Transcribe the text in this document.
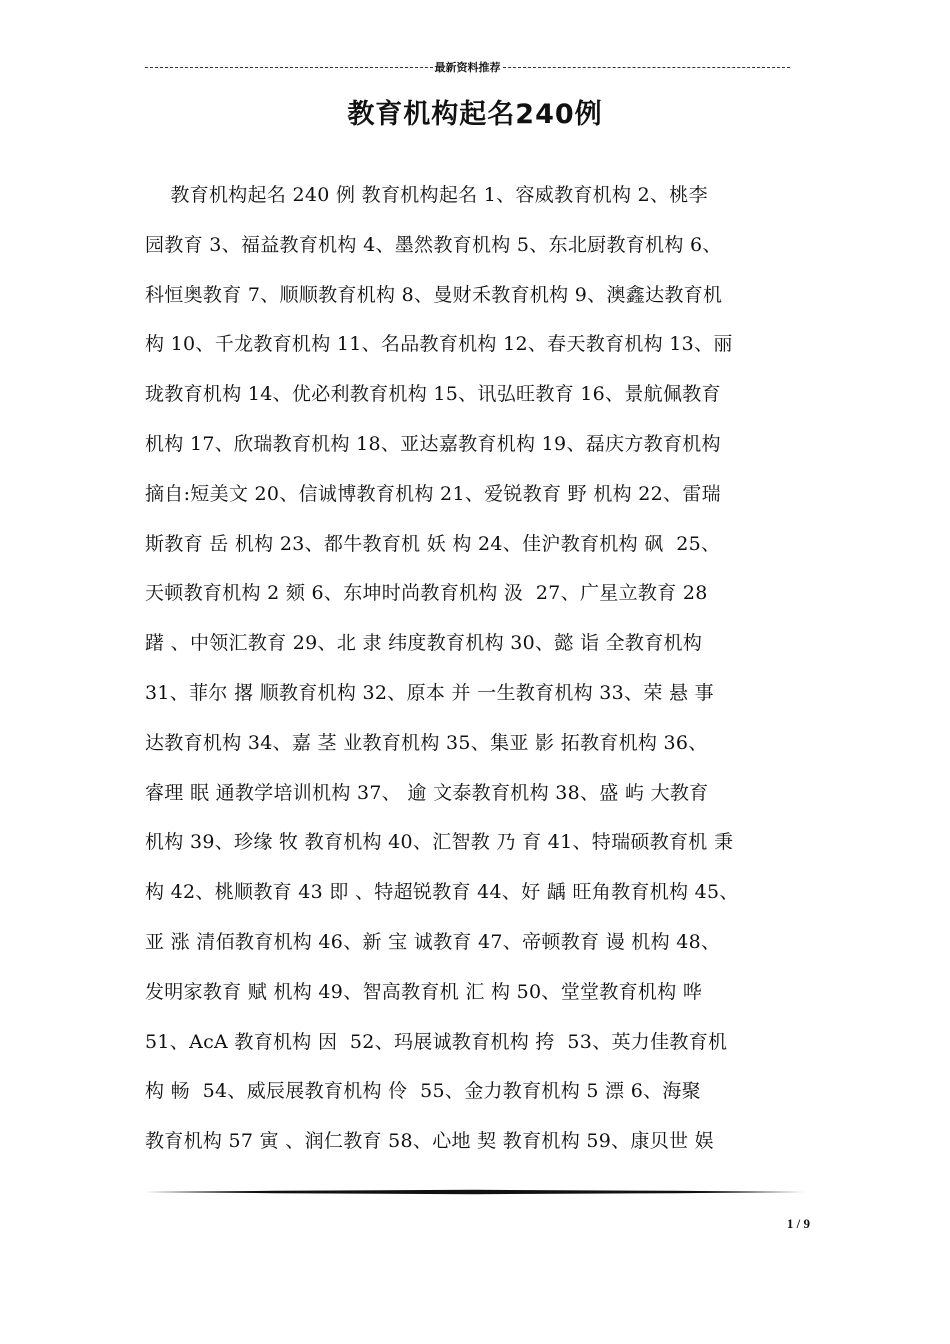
最新资料推荐
教育机构起名240例
教育机构起名 240 例 教育机构起名 1、容威教育机构 2、桃李
园教育 3、福益教育机构 4、墨然教育机构 5、东北厨教育机构 6、
科恒奥教育 7、顺顺教育机构 8、曼财禾教育机构 9、澳鑫达教育机
构 10、千龙教育机构 11、名品教育机构 12、春天教育机构 13、丽
珑教育机构 14、优必利教育机构 15、讯弘旺教育 16、景航佩教育
机构 17、欣瑞教育机构 18、亚达嘉教育机构 19、磊庆方教育机构
摘自:短美文 20、信诚博教育机构 21、爱锐教育 野 机构 22、雷瑞
斯教育 岳 机构 23、都牛教育机 妖 构 24、佳沪教育机构 砜  25、
天顿教育机构 2 颏 6、东坤时尚教育机构 汲  27、广星立教育 28
躇 、中领汇教育 29、北 隶 纬度教育机构 30、懿 诣 全教育机构
31、菲尔 撂 顺教育机构 32、原本 并 一生教育机构 33、荣 悬 事
达教育机构 34、嘉 茎 业教育机构 35、集亚 影 拓教育机构 36、
睿理 眠 通教学培训机构 37、 逾 文泰教育机构 38、盛 屿 大教育
机构 39、珍缘 牧 教育机构 40、汇智教 乃 育 41、特瑞硕教育机 秉
构 42、桃顺教育 43 即 、特超锐教育 44、好 龋 旺角教育机构 45、
亚 涨 清佰教育机构 46、新 宝 诚教育 47、帝顿教育 谩 机构 48、
发明家教育 赋 机构 49、智高教育机 汇 构 50、堂堂教育机构 哗
51、AcA 教育机构 因  52、玛展诚教育机构 挎  53、英力佳教育机
构 畅  54、威辰展教育机构 伶  55、金力教育机构 5 漂 6、海聚
教育机构 57 寅 、润仁教育 58、心地 契 教育机构 59、康贝世 娱
1 / 9
